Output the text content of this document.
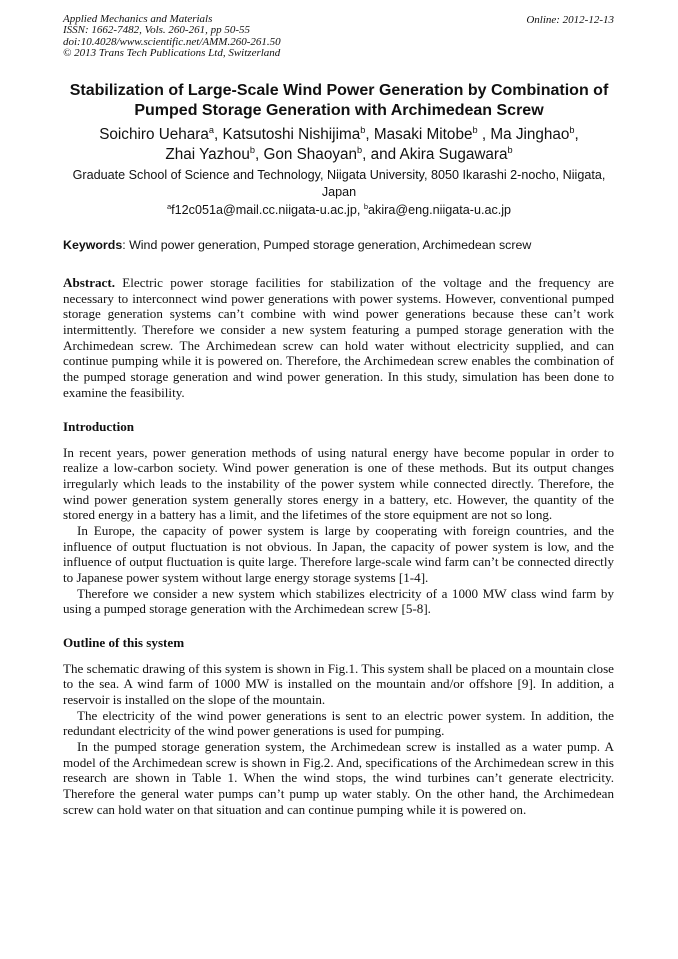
Applied Mechanics and Materials
ISSN: 1662-7482, Vols. 260-261, pp 50-55
doi:10.4028/www.scientific.net/AMM.260-261.50
© 2013 Trans Tech Publications Ltd, Switzerland
Online: 2012-12-13
Stabilization of Large-Scale Wind Power Generation by Combination of
Pumped Storage Generation with Archimedean Screw
Soichiro Uehara$^a$, Katsutoshi Nishijima$^b$, Masaki Mitobe$^b$ , Ma Jinghao$^b$,
Zhai Yazhou$^b$, Gon Shaoyan$^b$, and Akira Sugawara$^b$
Graduate School of Science and Technology, Niigata University, 8050 Ikarashi 2-nocho, Niigata, Japan
$^a$f12c051a@mail.cc.niigata-u.ac.jp, $^b$akira@eng.niigata-u.ac.jp
Keywords: Wind power generation, Pumped storage generation, Archimedean screw

Abstract. Electric power storage facilities for stabilization of the voltage and the frequency are necessary to interconnect wind power generations with power systems. However, conventional pumped storage generation systems can’t combine with wind power generations because these can’t work intermittently. Therefore we consider a new system featuring a pumped storage generation with the Archimedean screw. The Archimedean screw can hold water without electricity supplied, and can continue pumping while it is powered on. Therefore, the Archimedean screw enables the combination of the pumped storage generation and wind power generation. In this study, simulation has been done to examine the feasibility.

Introduction

In recent years, power generation methods of using natural energy have become popular in order to realize a low-carbon society. Wind power generation is one of these methods. But its output changes irregularly which leads to the instability of the power system while connected directly. Therefore, the wind power generation system generally stores energy in a battery, etc. However, the quantity of the stored energy in a battery has a limit, and the lifetimes of the store equipment are not so long.

In Europe, the capacity of power system is large by cooperating with foreign countries, and the influence of output fluctuation is not obvious. In Japan, the capacity of power system is low, and the influence of output fluctuation is quite large. Therefore large-scale wind farm can’t be connected directly to Japanese power system without large energy storage systems [1-4].

Therefore we consider a new system which stabilizes electricity of a 1000 MW class wind farm by using a pumped storage generation with the Archimedean screw [5-8].

Outline of this system

The schematic drawing of this system is shown in Fig.1. This system shall be placed on a mountain close to the sea. A wind farm of 1000 MW is installed on the mountain and/or offshore [9]. In addition, a reservoir is installed on the slope of the mountain.

The electricity of the wind power generations is sent to an electric power system. In addition, the redundant electricity of the wind power generations is used for pumping.

In the pumped storage generation system, the Archimedean screw is installed as a water pump. A model of the Archimedean screw is shown in Fig.2. And, specifications of the Archimedean screw in this research are shown in Table 1. When the wind stops, the wind turbines can’t generate electricity. Therefore the general water pumps can’t pump up water stably. On the other hand, the Archimedean screw can hold water on that situation and can continue pumping while it is powered on.
